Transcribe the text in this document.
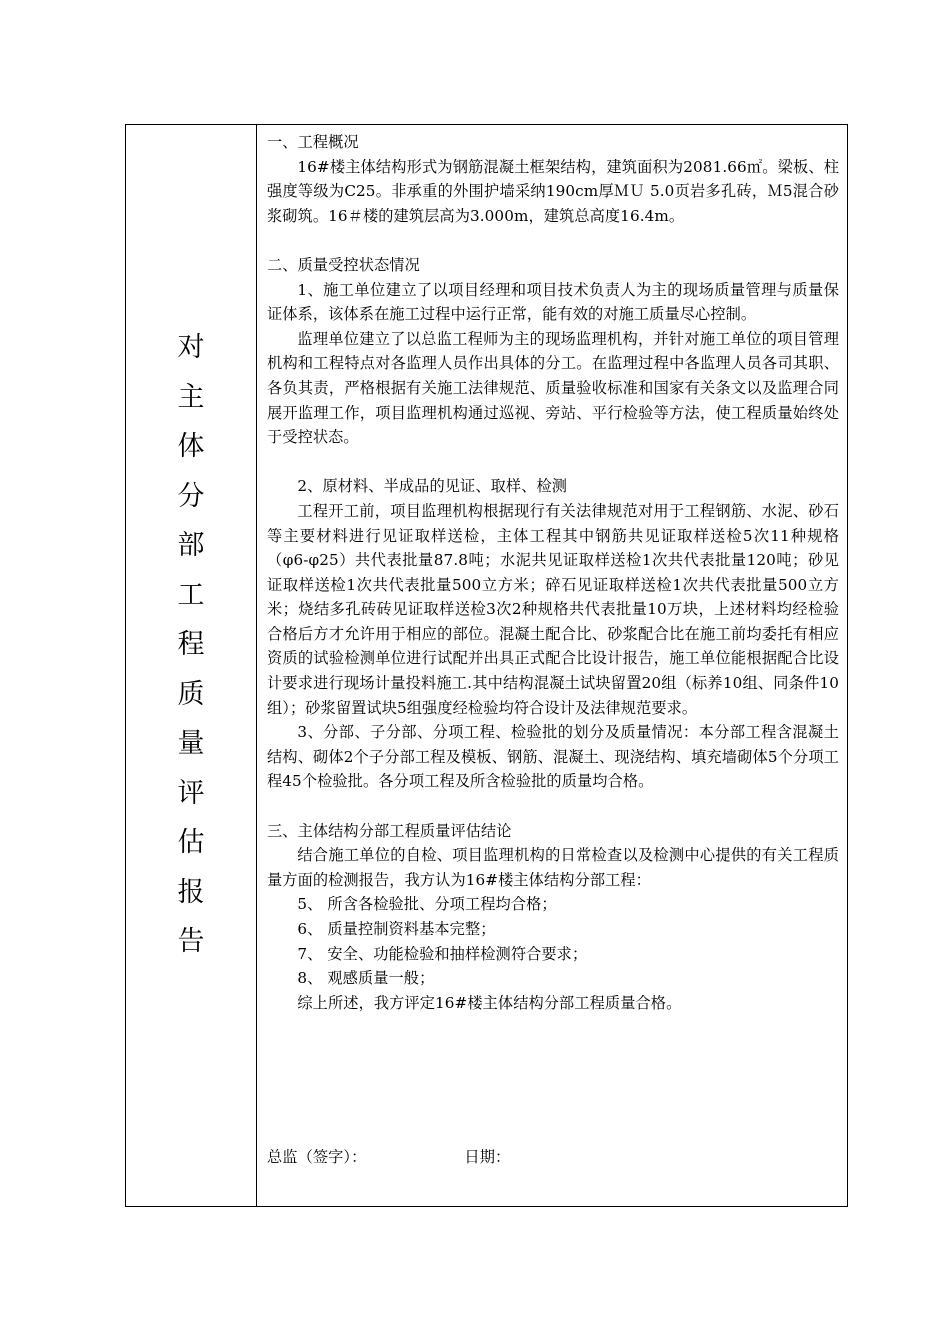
对
主
体
分
部
工
程
质
量
评
估
报
告

一、工程概况

16#楼主体结构形式为钢筋混凝土框架结构，建筑面积为2081.66㎡。梁板、柱强度等级为C25。非承重的外围护墙采纳190cm厚ＭＵ 5.0页岩多孔砖，Ｍ5混合砂浆砌筑。16＃楼的建筑层高为3.000m，建筑总高度16.4m。

二、质量受控状态情况

1、施工单位建立了以项目经理和项目技术负责人为主的现场质量管理与质量保证体系，该体系在施工过程中运行正常，能有效的对施工质量尽心控制。

监理单位建立了以总监工程师为主的现场监理机构，并针对施工单位的项目管理机构和工程特点对各监理人员作出具体的分工。在监理过程中各监理人员各司其职、各负其责，严格根据有关施工法律规范、质量验收标准和国家有关条文以及监理合同展开监理工作，项目监理机构通过巡视、旁站、平行检验等方法，使工程质量始终处于受控状态。

2、原材料、半成品的见证、取样、检测

工程开工前，项目监理机构根据现行有关法律规范对用于工程钢筋、水泥、砂石等主要材料进行见证取样送检，主体工程其中钢筋共见证取样送检5次11种规格（φ6-φ25）共代表批量87.8吨；水泥共见证取样送检1次共代表批量120吨；砂见证取样送检1次共代表批量500立方米；碎石见证取样送检1次共代表批量500立方米；烧结多孔砖砖见证取样送检3次2种规格共代表批量10万块，上述材料均经检验合格后方才允许用于相应的部位。混凝土配合比、砂浆配合比在施工前均委托有相应资质的试验检测单位进行试配并出具正式配合比设计报告，施工单位能根据配合比设计要求进行现场计量投料施工.其中结构混凝土试块留置20组（标养10组、同条件10组）；砂浆留置试块5组强度经检验均符合设计及法律规范要求。

3、分部、子分部、分项工程、检验批的划分及质量情况：本分部工程含混凝土结构、砌体2个子分部工程及模板、钢筋、混凝土、现浇结构、填充墙砌体5个分项工程45个检验批。各分项工程及所含检验批的质量均合格。

三、主体结构分部工程质量评估结论

结合施工单位的自检、项目监理机构的日常检查以及检测中心提供的有关工程质量方面的检测报告，我方认为16#楼主体结构分部工程：

5、 所含各检验批、分项工程均合格；

6、 质量控制资料基本完整；

7、 安全、功能检验和抽样检测符合要求；

8、 观感质量一般；

综上所述，我方评定16#楼主体结构分部工程质量合格。

总监（签字）：	日期：
